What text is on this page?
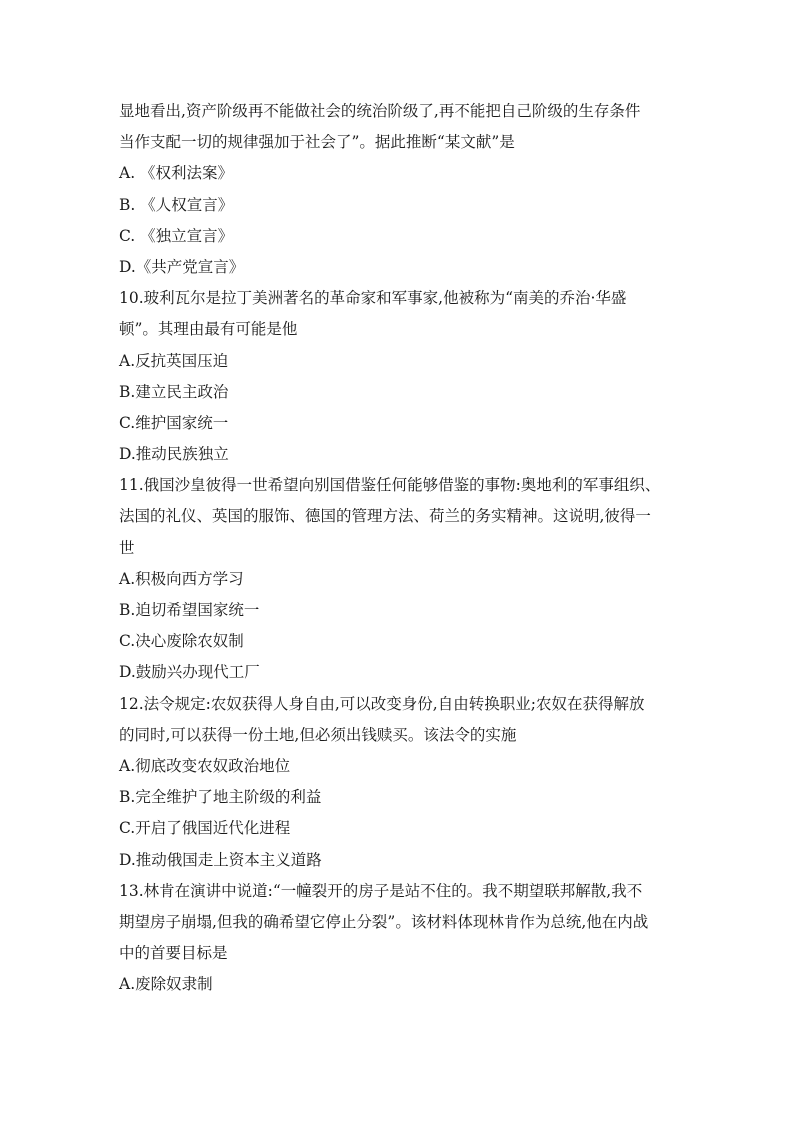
显地看出,资产阶级再不能做社会的统治阶级了,再不能把自己阶级的生存条件
当作支配一切的规律强加于社会了”。据此推断“某文献”是
A. 《权利法案》
B. 《人权宣言》
C. 《独立宣言》
D.《共产党宣言》
10.玻利瓦尔是拉丁美洲著名的革命家和军事家,他被称为“南美的乔治·华盛
顿”。其理由最有可能是他
A.反抗英国压迫
B.建立民主政治
C.维护国家统一
D.推动民族独立
11.俄国沙皇彼得一世希望向别国借鉴任何能够借鉴的事物:奥地利的军事组织、
法国的礼仪、英国的服饰、德国的管理方法、荷兰的务实精神。这说明,彼得一
世
A.积极向西方学习
B.迫切希望国家统一
C.决心废除农奴制
D.鼓励兴办现代工厂
12.法令规定:农奴获得人身自由,可以改变身份,自由转换职业;农奴在获得解放
的同时,可以获得一份土地,但必须出钱赎买。该法令的实施
A.彻底改变农奴政治地位
B.完全维护了地主阶级的利益
C.开启了俄国近代化进程
D.推动俄国走上资本主义道路
13.林肯在演讲中说道:“一幢裂开的房子是站不住的。我不期望联邦解散,我不
期望房子崩塌,但我的确希望它停止分裂”。该材料体现林肯作为总统,他在内战
中的首要目标是
A.废除奴隶制
